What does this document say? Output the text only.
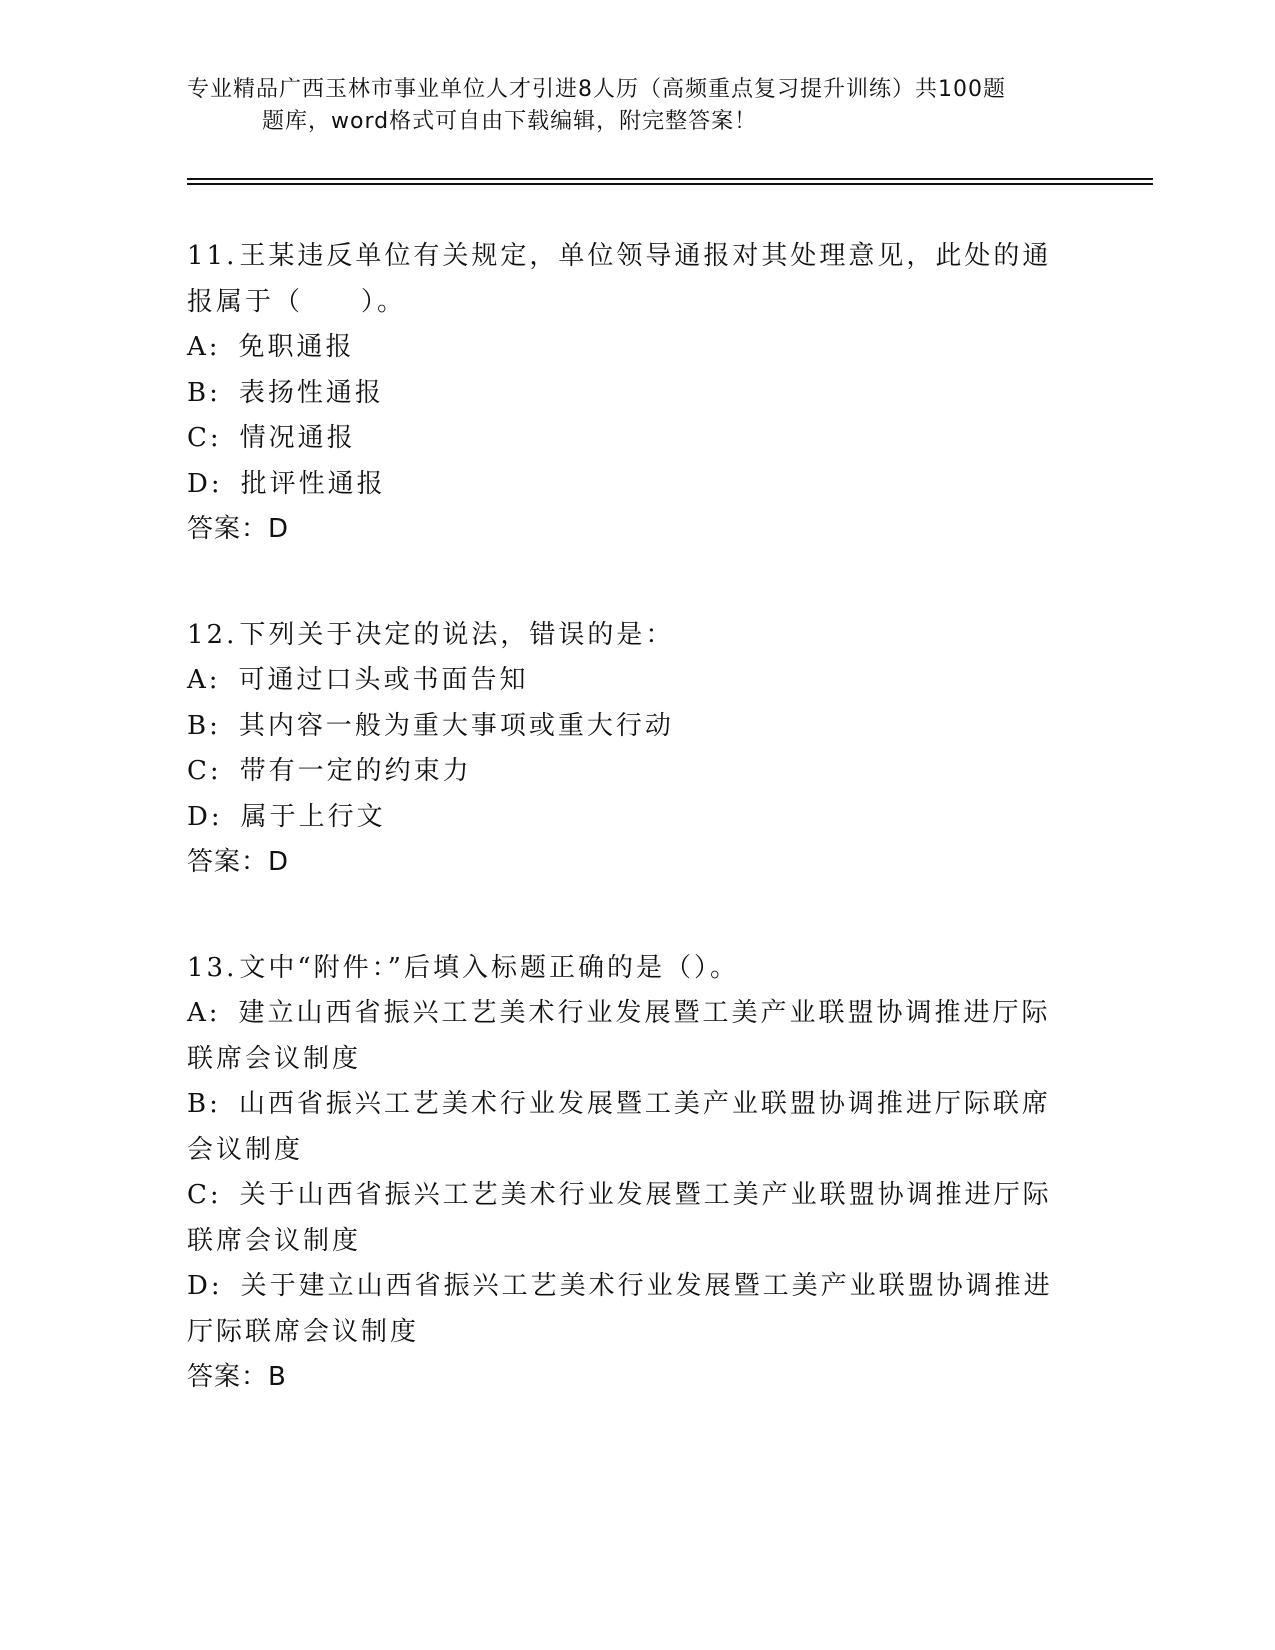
专业精品广西玉林市事业单位人才引进8人历（高频重点复习提升训练）共100题
题库，word格式可自由下载编辑，附完整答案！

11.王某违反单位有关规定，单位领导通报对其处理意见，此处的通报属于（　　）。

A: 免职通报

B: 表扬性通报

C: 情况通报

D: 批评性通报

答案：D

12.下列关于决定的说法，错误的是：

A: 可通过口头或书面告知

B: 其内容一般为重大事项或重大行动

C: 带有一定的约束力

D: 属于上行文

答案：D

13.文中“附件：”后填入标题正确的是（）。

A: 建立山西省振兴工艺美术行业发展暨工美产业联盟协调推进厅际联席会议制度

B: 山西省振兴工艺美术行业发展暨工美产业联盟协调推进厅际联席会议制度

C: 关于山西省振兴工艺美术行业发展暨工美产业联盟协调推进厅际联席会议制度

D: 关于建立山西省振兴工艺美术行业发展暨工美产业联盟协调推进厅际联席会议制度

答案：B
